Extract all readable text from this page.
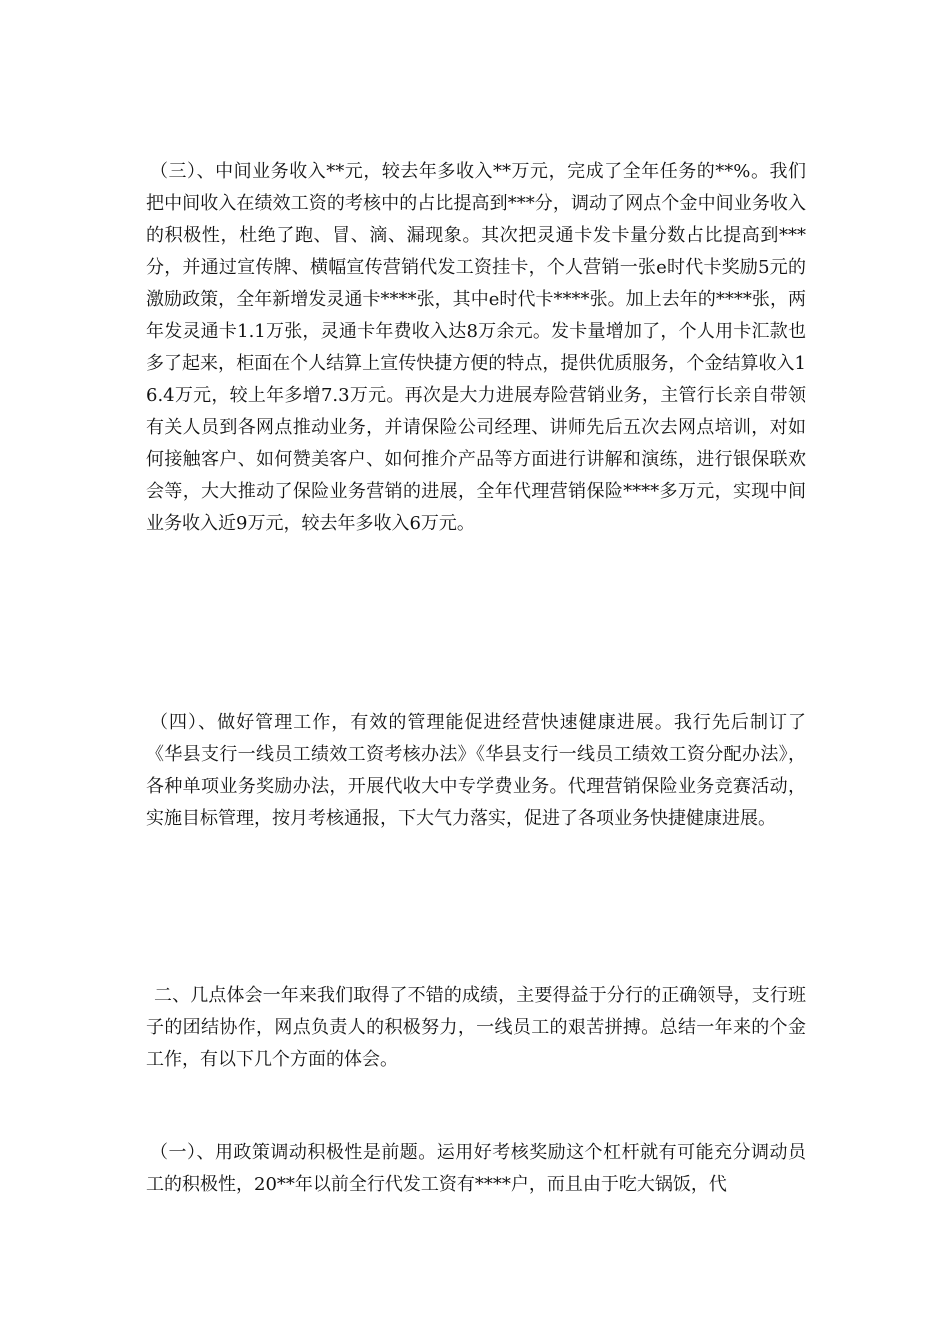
（三）、中间业务收入**元，较去年多收入**万元，完成了全年任务的**%。我们把中间收入在绩效工资的考核中的占比提高到***分，调动了网点个金中间业务收入的积极性，杜绝了跑、冒、滴、漏现象。其次把灵通卡发卡量分数占比提高到***分，并通过宣传牌、横幅宣传营销代发工资挂卡，个人营销一张e时代卡奖励5元的激励政策，全年新增发灵通卡****张，其中e时代卡****张。加上去年的****张，两年发灵通卡1.1万张，灵通卡年费收入达8万余元。发卡量增加了，个人用卡汇款也多了起来，柜面在个人结算上宣传快捷方便的特点，提供优质服务，个金结算收入16.4万元，较上年多增7.3万元。再次是大力进展寿险营销业务，主管行长亲自带领有关人员到各网点推动业务，并请保险公司经理、讲师先后五次去网点培训，对如何接触客户、如何赞美客户、如何推介产品等方面进行讲解和演练，进行银保联欢会等，大大推动了保险业务营销的进展，全年代理营销保险****多万元，实现中间业务收入近9万元，较去年多收入6万元。

（四）、做好管理工作，有效的管理能促进经营快速健康进展。我行先后制订了《华县支行一线员工绩效工资考核办法》《华县支行一线员工绩效工资分配办法》，各种单项业务奖励办法，开展代收大中专学费业务。代理营销保险业务竞赛活动，实施目标管理，按月考核通报，下大气力落实，促进了各项业务快捷健康进展。

二、几点体会一年来我们取得了不错的成绩，主要得益于分行的正确领导，支行班子的团结协作，网点负责人的积极努力，一线员工的艰苦拼搏。总结一年来的个金工作，有以下几个方面的体会。

（一）、用政策调动积极性是前题。运用好考核奖励这个杠杆就有可能充分调动员工的积极性，20**年以前全行代发工资有****户，而且由于吃大锅饭，代
